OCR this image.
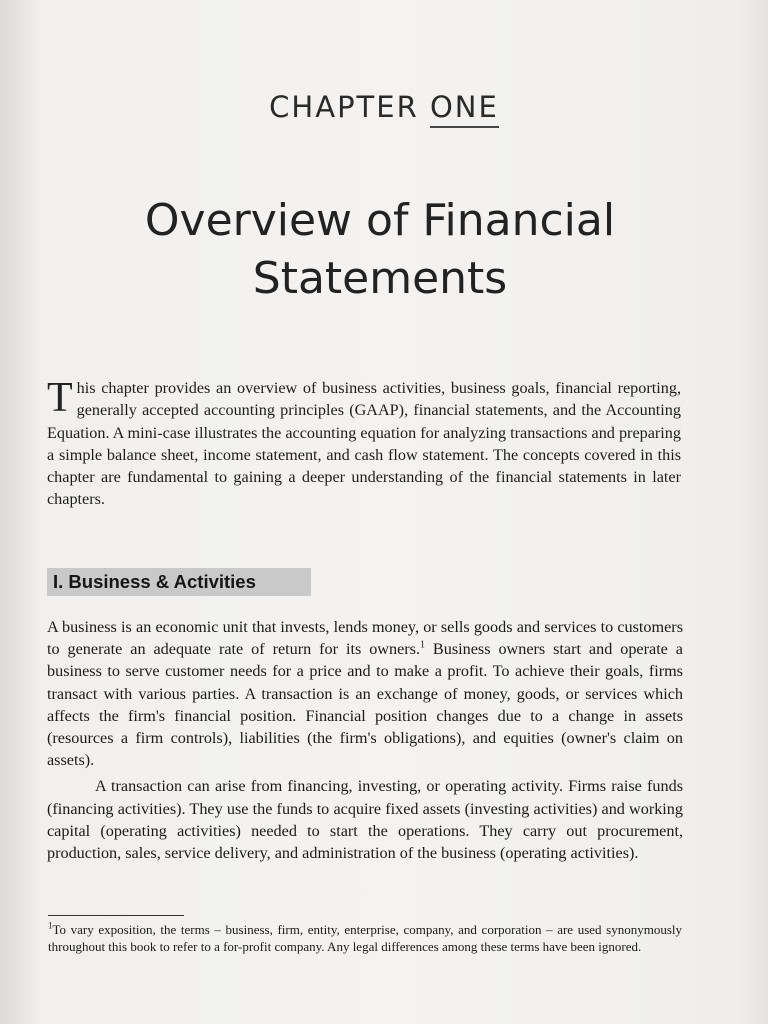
CHAPTER ONE
Overview of Financial
Statements
This chapter provides an overview of business activities, business goals, financial reporting, generally accepted accounting principles (GAAP), financial statements, and the Accounting Equation. A mini-case illustrates the accounting equation for analyzing transactions and preparing a simple balance sheet, income statement, and cash flow statement. The concepts covered in this chapter are fundamental to gaining a deeper understanding of the financial statements in later chapters.
I. Business & Activities

A business is an economic unit that invests, lends money, or sells goods and services to customers to generate an adequate rate of return for its owners.$^1$ Business owners start and operate a business to serve customer needs for a price and to make a profit. To achieve their goals, firms transact with various parties. A transaction is an exchange of money, goods, or services which affects the firm's financial position. Financial position changes due to a change in assets (resources a firm controls), liabilities (the firm's obligations), and equities (owner's claim on assets).

A transaction can arise from financing, investing, or operating activity. Firms raise funds (financing activities). They use the funds to acquire fixed assets (investing activities) and working capital (operating activities) needed to start the operations. They carry out procurement, production, sales, service delivery, and administration of the business (operating activities).

$^1$To vary exposition, the terms – business, firm, entity, enterprise, company, and corporation – are used synonymously throughout this book to refer to a for-profit company. Any legal differences among these terms have been ignored.
